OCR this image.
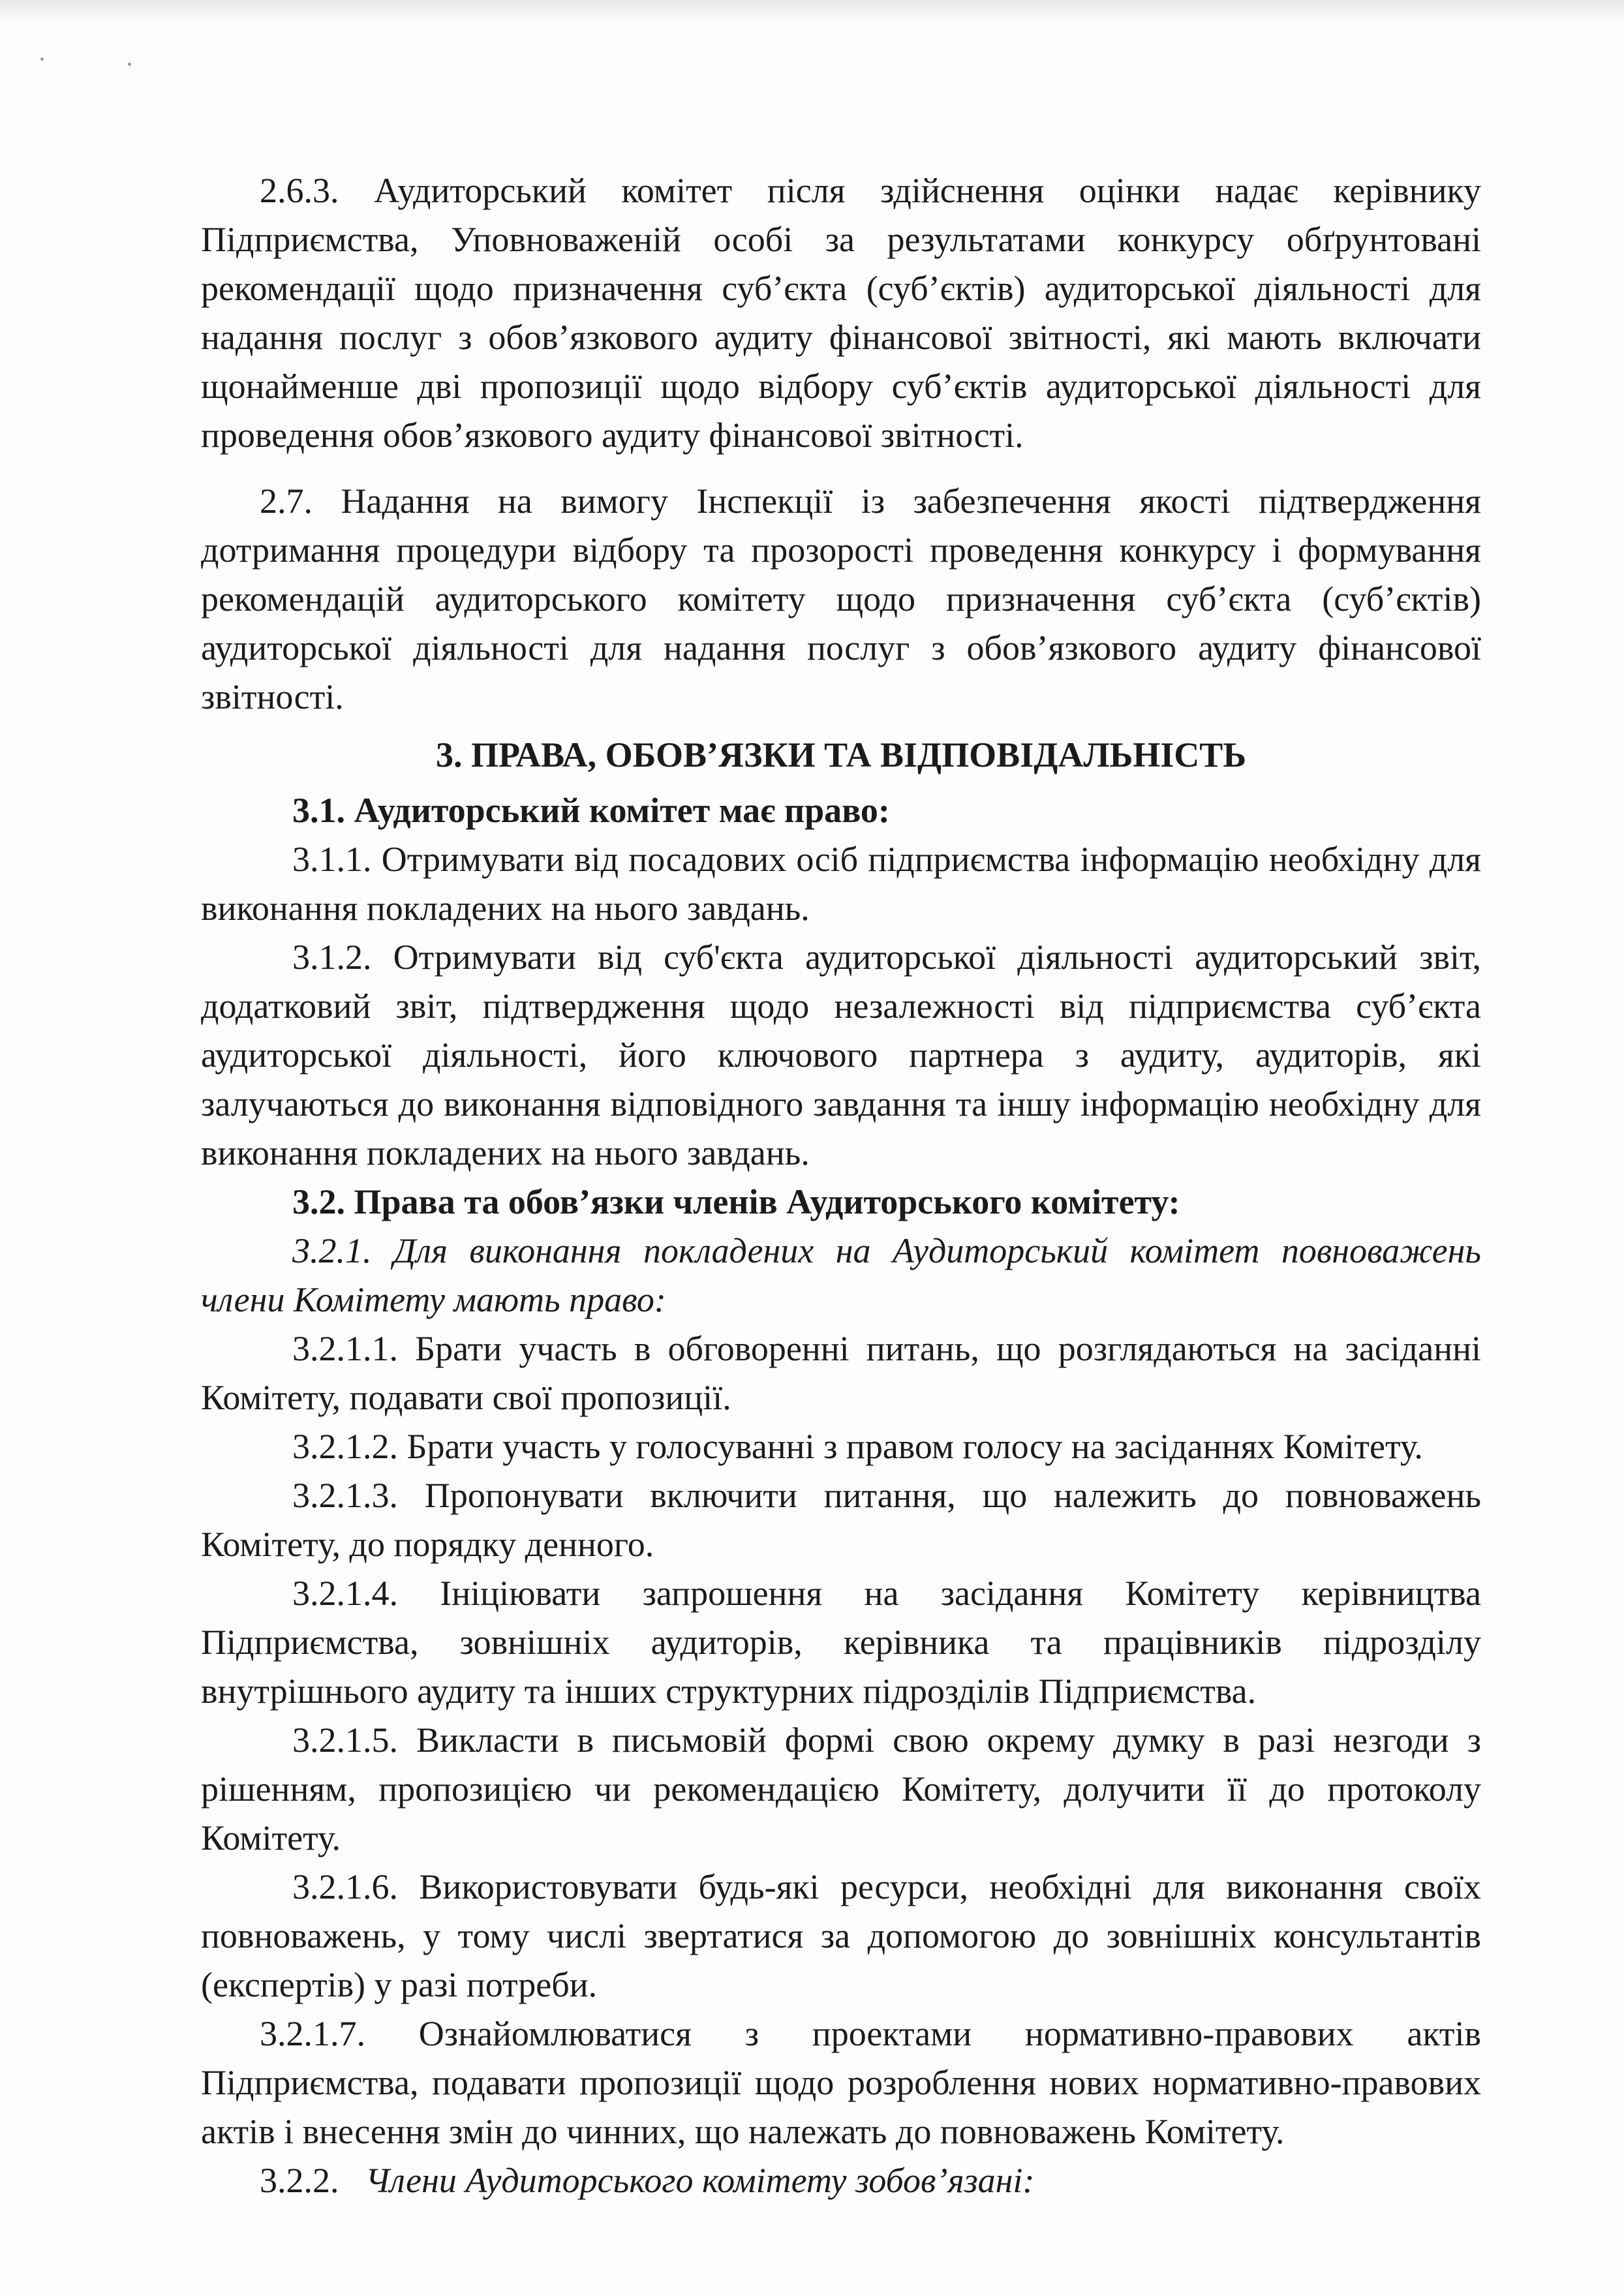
2.6.3. Аудиторський комітет після здійснення оцінки надає керівнику Підприємства, Уповноваженій особі за результатами конкурсу обґрунтовані рекомендації щодо призначення суб’єкта (суб’єктів) аудиторської діяльності для надання послуг з обов’язкового аудиту фінансової звітності, які мають включати щонайменше дві пропозиції щодо відбору суб’єктів аудиторської діяльності для проведення обов’язкового аудиту фінансової звітності.

2.7. Надання на вимогу Інспекції із забезпечення якості підтвердження дотримання процедури відбору та прозорості проведення конкурсу і формування рекомендацій аудиторського комітету щодо призначення суб’єкта (суб’єктів) аудиторської діяльності для надання послуг з обов’язкового аудиту фінансової звітності.

3. ПРАВА, ОБОВ’ЯЗКИ ТА ВІДПОВІДАЛЬНІСТЬ

3.1. Аудиторський комітет має право:

3.1.1. Отримувати від посадових осіб підприємства інформацію необхідну для виконання покладених на нього завдань.

3.1.2. Отримувати від суб'єкта аудиторської діяльності аудиторський звіт, додатковий звіт, підтвердження щодо незалежності від підприємства суб’єкта аудиторської діяльності, його ключового партнера з аудиту, аудиторів, які залучаються до виконання відповідного завдання та іншу інформацію необхідну для виконання покладених на нього завдань.

3.2. Права та обов’язки членів Аудиторського комітету:

3.2.1. Для виконання покладених на Аудиторський комітет повноважень члени Комітету мають право:

3.2.1.1. Брати участь в обговоренні питань, що розглядаються на засіданні Комітету, подавати свої пропозиції.

3.2.1.2. Брати участь у голосуванні з правом голосу на засіданнях Комітету.

3.2.1.3. Пропонувати включити питання, що належить до повноважень Комітету, до порядку денного.

3.2.1.4. Ініціювати запрошення на засідання Комітету керівництва Підприємства, зовнішніх аудиторів, керівника та працівників підрозділу внутрішнього аудиту та інших структурних підрозділів Підприємства.

3.2.1.5. Викласти в письмовій формі свою окрему думку в разі незгоди з рішенням, пропозицією чи рекомендацією Комітету, долучити її до протоколу Комітету.

3.2.1.6. Використовувати будь-які ресурси, необхідні для виконання своїх повноважень, у тому числі звертатися за допомогою до зовнішніх консультантів (експертів) у разі потреби.

3.2.1.7. Ознайомлюватися з проектами нормативно-правових актів Підприємства, подавати пропозиції щодо розроблення нових нормативно-правових актів і внесення змін до чинних, що належать до повноважень Комітету.

3.2.2. Члени Аудиторського комітету зобов’язані:
